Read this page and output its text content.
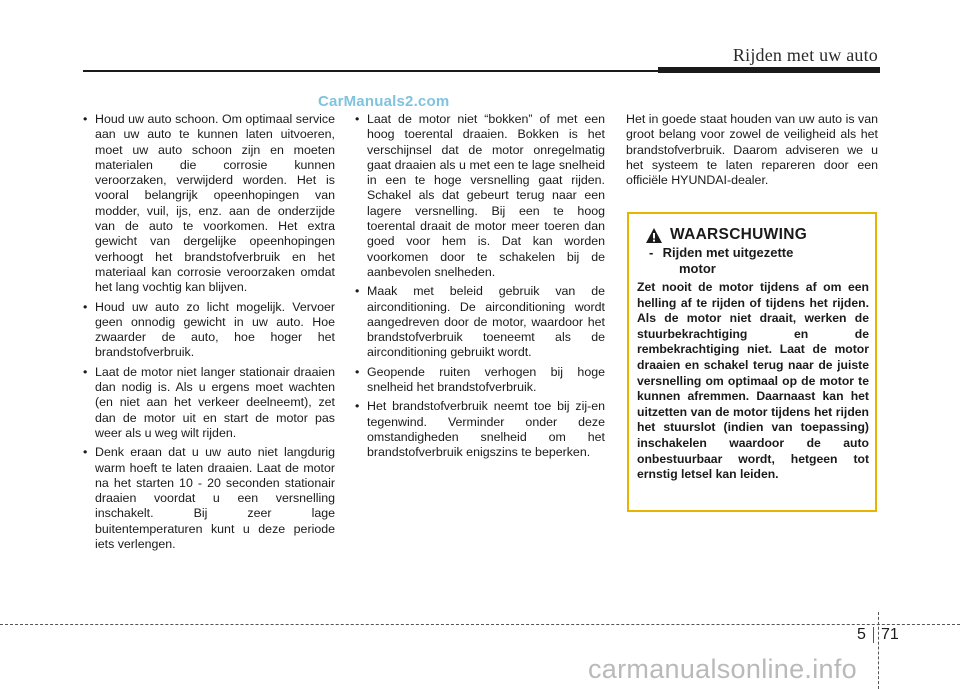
Rijden met uw auto
CarManuals2.com
• Houd uw auto schoon. Om optimaal service aan uw auto te kunnen laten uitvoeren, moet uw auto schoon zijn en moeten materialen die corrosie kunnen veroorzaken, verwijderd worden. Het is vooral belangrijk opeenhopingen van modder, vuil, ijs, enz. aan de onderzijde van de auto te voorkomen. Het extra gewicht van dergelijke opeenhopingen verhoogt het brandstofverbruik en het materiaal kan corrosie veroorzaken omdat het lang vochtig kan blijven.
• Houd uw auto zo licht mogelijk. Vervoer geen onnodig gewicht in uw auto. Hoe zwaarder de auto, hoe hoger het brandstofverbruik.
• Laat de motor niet langer stationair draaien dan nodig is. Als u ergens moet wachten (en niet aan het verkeer deelneemt), zet dan de motor uit en start de motor pas weer als u weg wilt rijden.
• Denk eraan dat u uw auto niet langdurig warm hoeft te laten draaien. Laat de motor na het starten 10 - 20 seconden stationair draaien voordat u een versnelling inschakelt. Bij zeer lage buitentemperaturen kunt u deze periode iets verlengen.
• Laat de motor niet “bokken” of met een hoog toerental draaien. Bokken is het verschijnsel dat de motor onregelmatig gaat draaien als u met een te lage snelheid in een te hoge versnelling gaat rijden. Schakel als dat gebeurt terug naar een lagere versnelling. Bij een te hoog toerental draait de motor meer toeren dan goed voor hem is. Dat kan worden voorkomen door te schakelen bij de aanbevolen snelheden.
• Maak met beleid gebruik van de airconditioning. De airconditioning wordt aangedreven door de motor, waardoor het brandstofverbruik toeneemt als de airconditioning gebruikt wordt.
• Geopende ruiten verhogen bij hoge snelheid het brandstofverbruik.
• Het brandstofverbruik neemt toe bij zij-en tegenwind. Verminder onder deze omstandigheden snelheid om het brandstofverbruik enigszins te beperken.

Het in goede staat houden van uw auto is van groot belang voor zowel de veiligheid als het brandstofverbruik. Daarom adviseren we u het systeem te laten repareren door een officiële HYUNDAI-dealer.

WAARSCHUWING
- Rijden met uitgezette
motor
Zet nooit de motor tijdens af om een helling af te rijden of tijdens het rijden. Als de motor niet draait, werken de stuurbekrachtiging en de rembekrachtiging niet. Laat de motor draaien en schakel terug naar de juiste versnelling om optimaal op de motor te kunnen afremmen. Daarnaast kan het uitzetten van de motor tijdens het rijden het stuurslot (indien van toepassing) inschakelen waardoor de auto onbestuurbaar wordt, hetgeen tot ernstig letsel kan leiden.
5 71
carmanualsonline.info
